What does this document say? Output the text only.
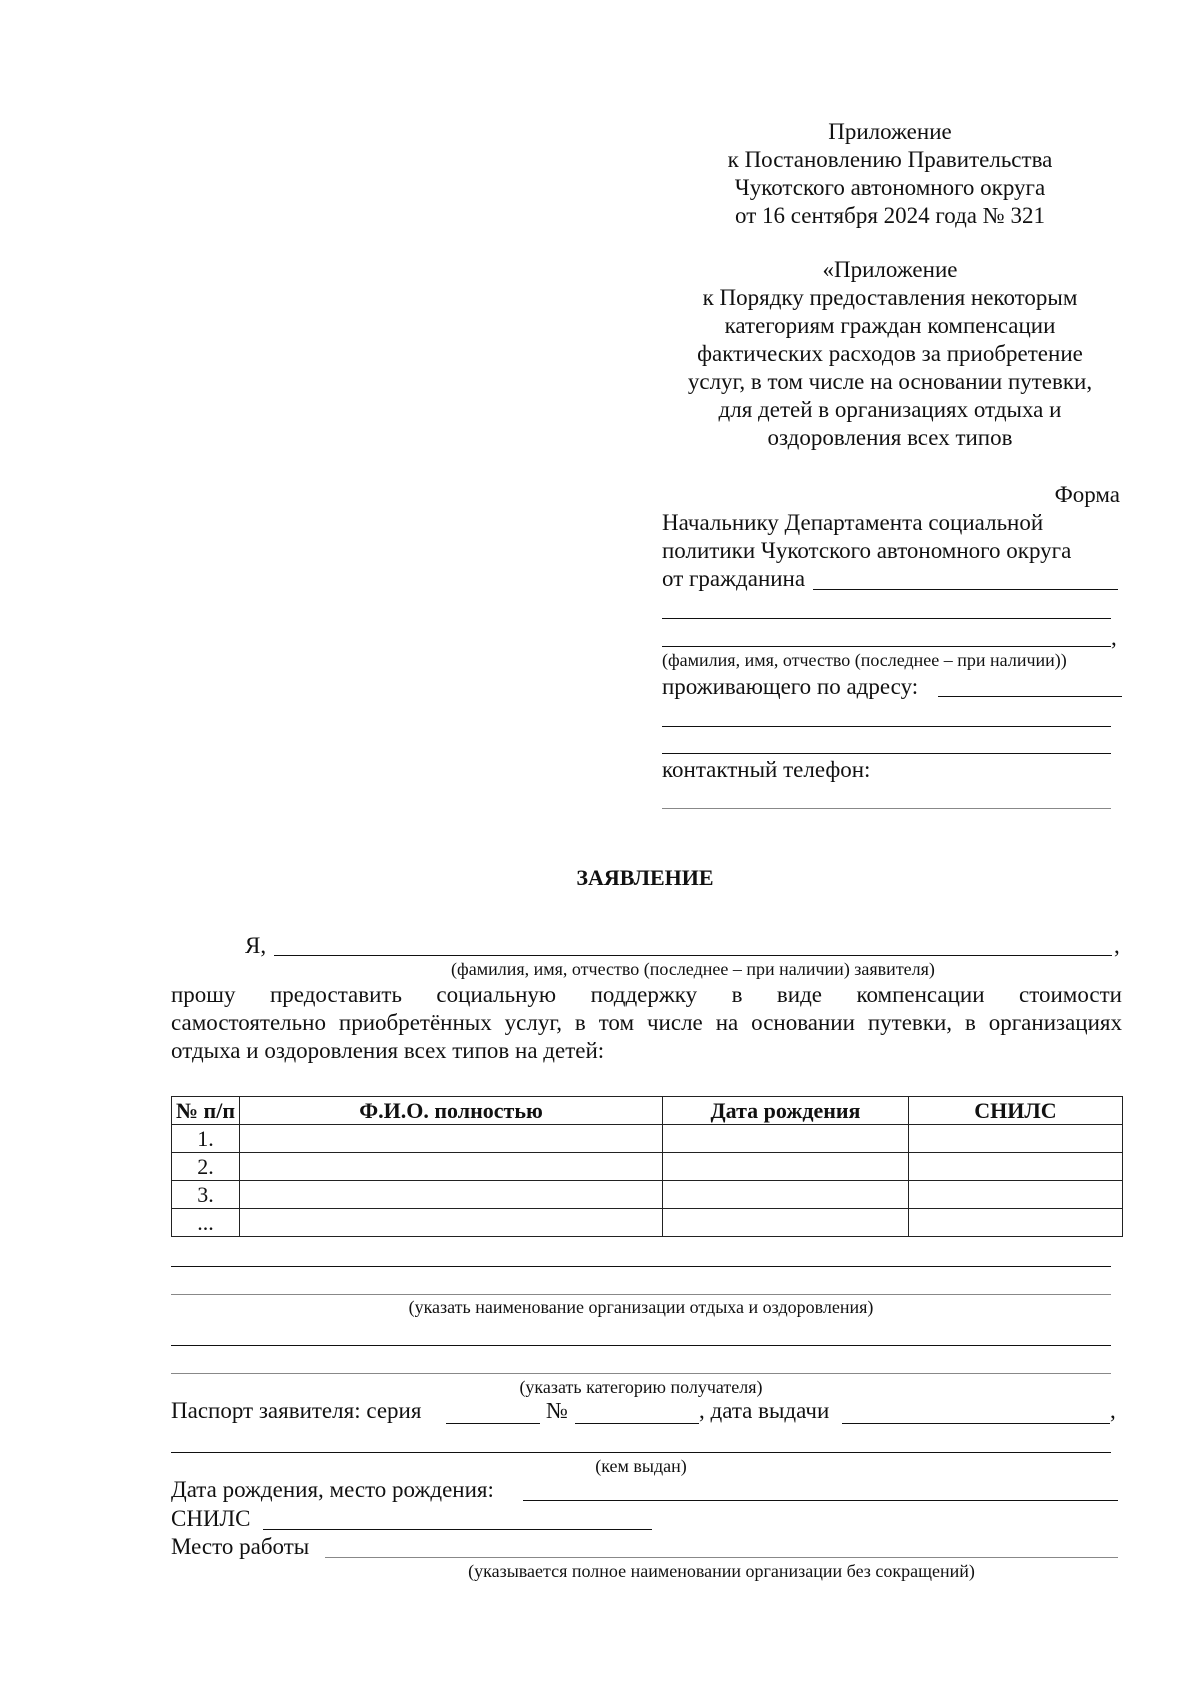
Приложение
к Постановлению Правительства
Чукотского автономного округа
от 16 сентября 2024 года № 321
«Приложение
к Порядку предоставления некоторым
категориям граждан компенсации
фактических расходов за приобретение
услуг, в том числе на основании путевки,
для детей в организациях отдыха и
оздоровления всех типов
Форма
Начальнику Департамента социальной
политики Чукотского автономного округа
от гражданина
,
(фамилия, имя, отчество (последнее – при наличии))
проживающего по адресу:
контактный телефон:
ЗАЯВЛЕНИЕ
Я,	,
(фамилия, имя, отчество (последнее – при наличии) заявителя)
прошу предоставить социальную поддержку в виде компенсации стоимости
самостоятельно приобретённых услуг, в том числе на основании путевки, в организациях
отдыха и оздоровления всех типов на детей:
№ п/п	Ф.И.О. полностью	Дата рождения	СНИЛС
1.			
2.			
3.			
...			
(указать наименование организации отдыха и оздоровления)
(указать категорию получателя)
Паспорт заявителя: серия	№	, дата выдачи	,
(кем выдан)
Дата рождения, место рождения:
СНИЛС
Место работы
(указывается полное наименовании организации без сокращений)
